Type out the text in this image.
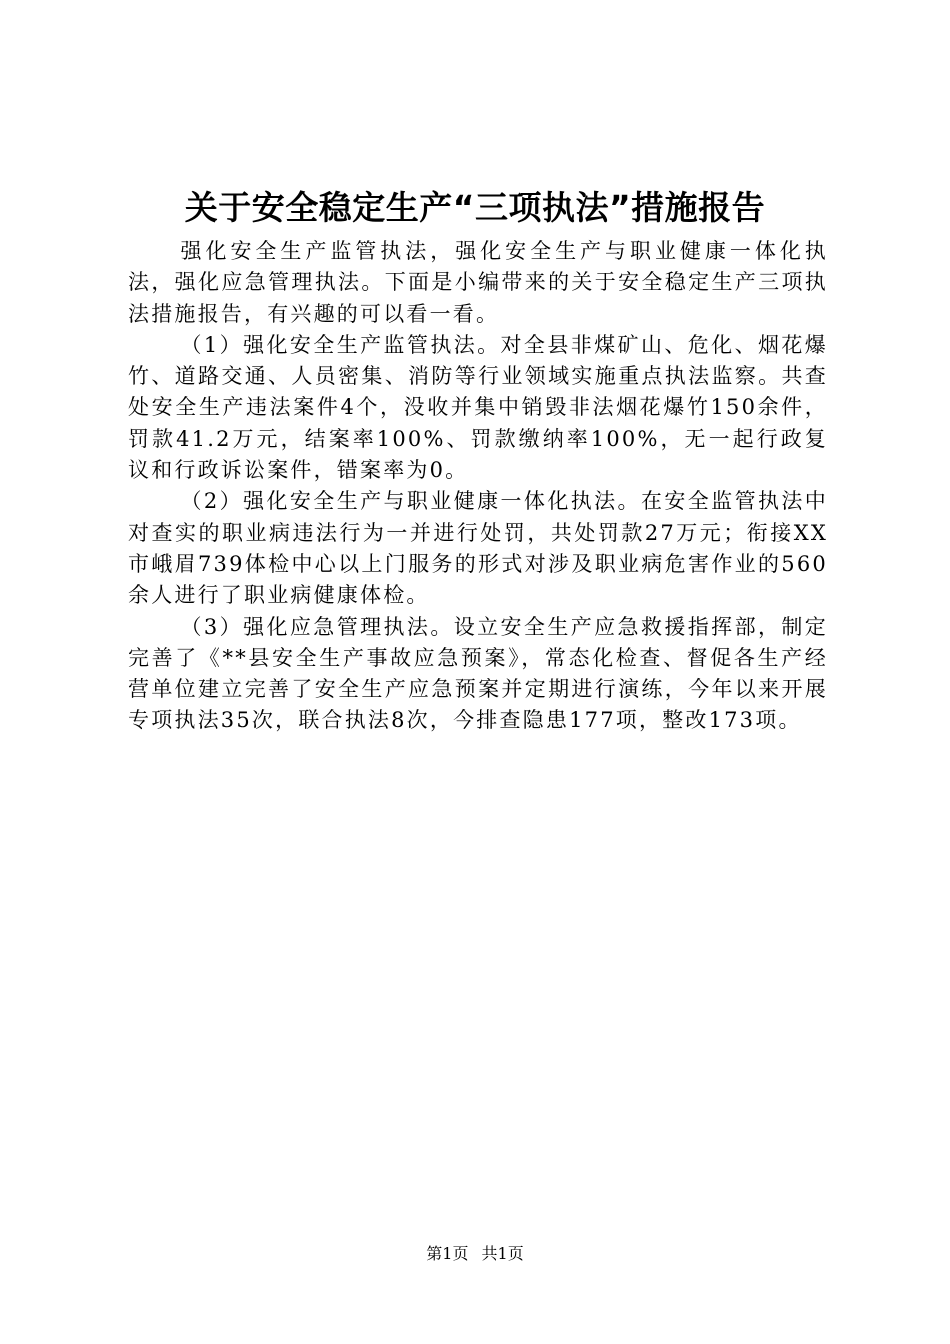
关于安全稳定生产“三项执法”措施报告

强化安全生产监管执法，强化安全生产与职业健康一体化执法，强化应急管理执法。下面是小编带来的关于安全稳定生产三项执法措施报告，有兴趣的可以看一看。

（1）强化安全生产监管执法。对全县非煤矿山、危化、烟花爆竹、道路交通、人员密集、消防等行业领域实施重点执法监察。共查处安全生产违法案件4个，没收并集中销毁非法烟花爆竹150余件，罚款41.2万元，结案率100%、罚款缴纳率100%，无一起行政复议和行政诉讼案件，错案率为0。

（2）强化安全生产与职业健康一体化执法。在安全监管执法中对查实的职业病违法行为一并进行处罚，共处罚款27万元；衔接XX市峨眉739体检中心以上门服务的形式对涉及职业病危害作业的560余人进行了职业病健康体检。

（3）强化应急管理执法。设立安全生产应急救援指挥部，制定完善了《**县安全生产事故应急预案》，常态化检查、督促各生产经营单位建立完善了安全生产应急预案并定期进行演练，今年以来开展专项执法35次，联合执法8次，今排查隐患177项，整改173项。

第1页 共1页
